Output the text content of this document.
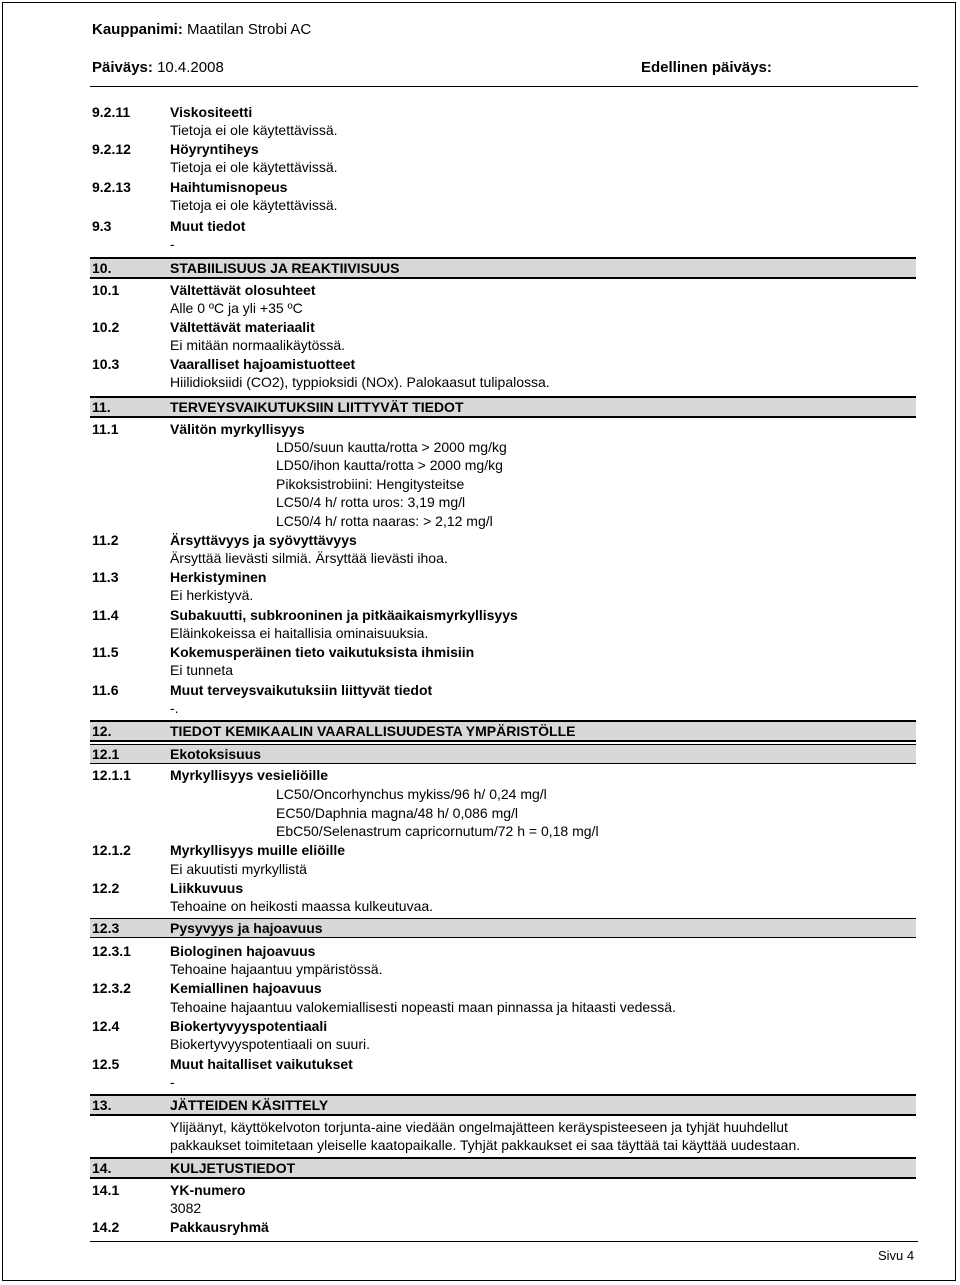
Kauppanimi: Maatilan Strobi AC
Päiväys: 10.4.2008	Edellinen päiväys:
9.2.11	Viskositeetti
Tietoja ei ole käytettävissä.
9.2.12	Höyryntiheys
Tietoja ei ole käytettävissä.
9.2.13	Haihtumisnopeus
Tietoja ei ole käytettävissä.
9.3	Muut tiedot
-
10.	STABIILISUUS JA REAKTIIVISUUS
10.1	Vältettävät olosuhteet
Alle 0 ºC ja yli +35 ºC
10.2	Vältettävät materiaalit
Ei mitään normaalikäytössä.
10.3	Vaaralliset hajoamistuotteet
Hiilidioksiidi (CO2), typpioksidi (NOx). Palokaasut tulipalossa.
11.	TERVEYSVAIKUTUKSIIN LIITTYVÄT TIEDOT
11.1	Välitön myrkyllisyys
LD50/suun kautta/rotta > 2000 mg/kg
LD50/ihon kautta/rotta > 2000 mg/kg
Pikoksistrobiini: Hengitysteitse
LC50/4 h/ rotta uros: 3,19 mg/l
LC50/4 h/ rotta naaras: > 2,12 mg/l
11.2	Ärsyttävyys ja syövyttävyys
Ärsyttää lievästi silmiä. Ärsyttää lievästi ihoa.
11.3	Herkistyminen
Ei herkistyvä.
11.4	Subakuutti, subkrooninen ja pitkäaikaismyrkyllisyys
Eläinkokeissa ei haitallisia ominaisuuksia.
11.5	Kokemusperäinen tieto vaikutuksista ihmisiin
Ei tunneta
11.6	Muut terveysvaikutuksiin liittyvät tiedot
-.
12.	TIEDOT KEMIKAALIN VAARALLISUUDESTA YMPÄRISTÖLLE
12.1	Ekotoksisuus
12.1.1	Myrkyllisyys vesieliöille
LC50/Oncorhynchus mykiss/96 h/ 0,24 mg/l
EC50/Daphnia magna/48 h/ 0,086 mg/l
EbC50/Selenastrum capricornutum/72 h = 0,18 mg/l
12.1.2	Myrkyllisyys muille eliöille
Ei akuutisti myrkyllistä
12.2	Liikkuvuus
Tehoaine on heikosti maassa kulkeutuvaa.
12.3	Pysyvyys ja hajoavuus
12.3.1	Biologinen hajoavuus
Tehoaine hajaantuu ympäristössä.
12.3.2	Kemiallinen hajoavuus
Tehoaine hajaantuu valokemiallisesti nopeasti maan pinnassa ja hitaasti vedessä.
12.4	Biokertyvyyspotentiaali
Biokertyvyyspotentiaali on suuri.
12.5	Muut haitalliset vaikutukset
-
13.	JÄTTEIDEN KÄSITTELY
Ylijäänyt, käyttökelvoton torjunta-aine viedään ongelmajätteen keräyspisteeseen ja tyhjät huuhdellut
pakkaukset toimitetaan yleiselle kaatopaikalle. Tyhjät pakkaukset ei saa täyttää tai käyttää uudestaan.
14.	KULJETUSTIEDOT
14.1	YK-numero
3082
14.2	Pakkausryhmä
Sivu 4
